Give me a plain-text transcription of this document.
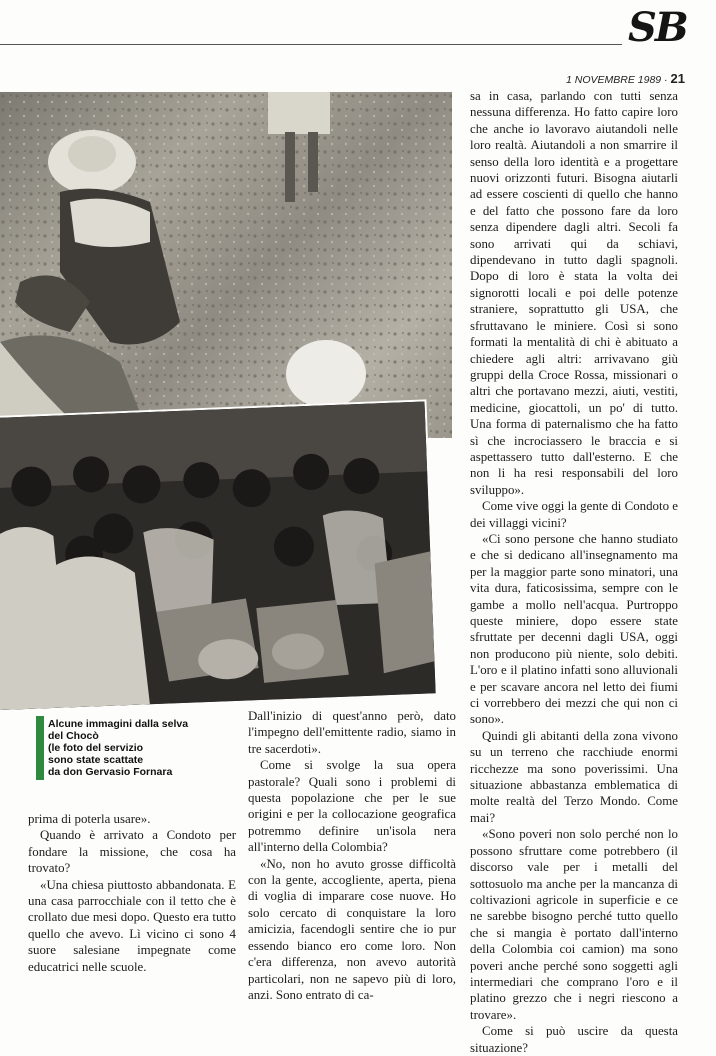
SB
1 NOVEMBRE 1989 · 21
Alcune immagini dalla selva
del Chocò
(le foto del servizio
sono state scattate
da don Gervasio Fornara

prima di poterla usare».

Quando è arrivato a Condoto per fondare la missione, che cosa ha trovato?

«Una chiesa piuttosto abbandonata. E una casa parrocchiale con il tetto che è crollato due mesi dopo. Questo era tutto quello che avevo. Lì vicino ci sono 4 suore salesiane impegnate come educatrici nelle scuole.

Dall'inizio di quest'anno però, dato l'impegno dell'emittente radio, siamo in tre sacerdoti».

Come si svolge la sua opera pastorale? Quali sono i problemi di questa popolazione che per le sue origini e per la collocazione geografica potremmo definire un'isola nera all'interno della Colombia?

«No, non ho avuto grosse difficoltà con la gente, accogliente, aperta, piena di voglia di imparare cose nuove. Ho solo cercato di conquistare la loro amicizia, facendogli sentire che io pur essendo bianco ero come loro. Non c'era differenza, non avevo autorità particolari, non ne sapevo più di loro, anzi. Sono entrato di ca-

sa in casa, parlando con tutti senza nessuna differenza. Ho fatto capire loro che anche io lavoravo aiutandoli nelle loro realtà. Aiutandoli a non smarrire il senso della loro identità e a progettare nuovi orizzonti futuri. Bisogna aiutarli ad essere coscienti di quello che hanno e del fatto che possono fare da loro senza dipendere dagli altri. Secoli fa sono arrivati qui da schiavi, dipendevano in tutto dagli spagnoli. Dopo di loro è stata la volta dei signorotti locali e poi delle potenze straniere, soprattutto gli USA, che sfruttavano le miniere. Così si sono formati la mentalità di chi è abituato a chiedere agli altri: arrivavano giù gruppi della Croce Rossa, missionari o altri che portavano mezzi, aiuti, vestiti, medicine, giocattoli, un po' di tutto. Una forma di paternalismo che ha fatto sì che incrociassero le braccia e si aspettassero tutto dall'esterno. E che non li ha resi responsabili del loro sviluppo».

Come vive oggi la gente di Condoto e dei villaggi vicini?

«Ci sono persone che hanno studiato e che si dedicano all'insegnamento ma per la maggior parte sono minatori, una vita dura, faticosissima, sempre con le gambe a mollo nell'acqua. Purtroppo queste miniere, dopo essere state sfruttate per decenni dagli USA, oggi non producono più niente, solo debiti. L'oro e il platino infatti sono alluvionali e per scavare ancora nel letto dei fiumi ci vorrebbero dei mezzi che qui non ci sono».

Quindi gli abitanti della zona vivono su un terreno che racchiude enormi ricchezze ma sono poverissimi. Una situazione abbastanza emblematica di molte realtà del Terzo Mondo. Come mai?

«Sono poveri non solo perché non lo possono sfruttare come potrebbero (il discorso vale per i metalli del sottosuolo ma anche per la mancanza di coltivazioni agricole in superficie e ce ne sarebbe bisogno perché tutto quello che si mangia è portato dall'interno della Colombia coi camion) ma sono poveri anche perché sono soggetti agli intermediari che comprano l'oro e il platino grezzo che i negri riescono a trovare».

Come si può uscire da questa situazione?
